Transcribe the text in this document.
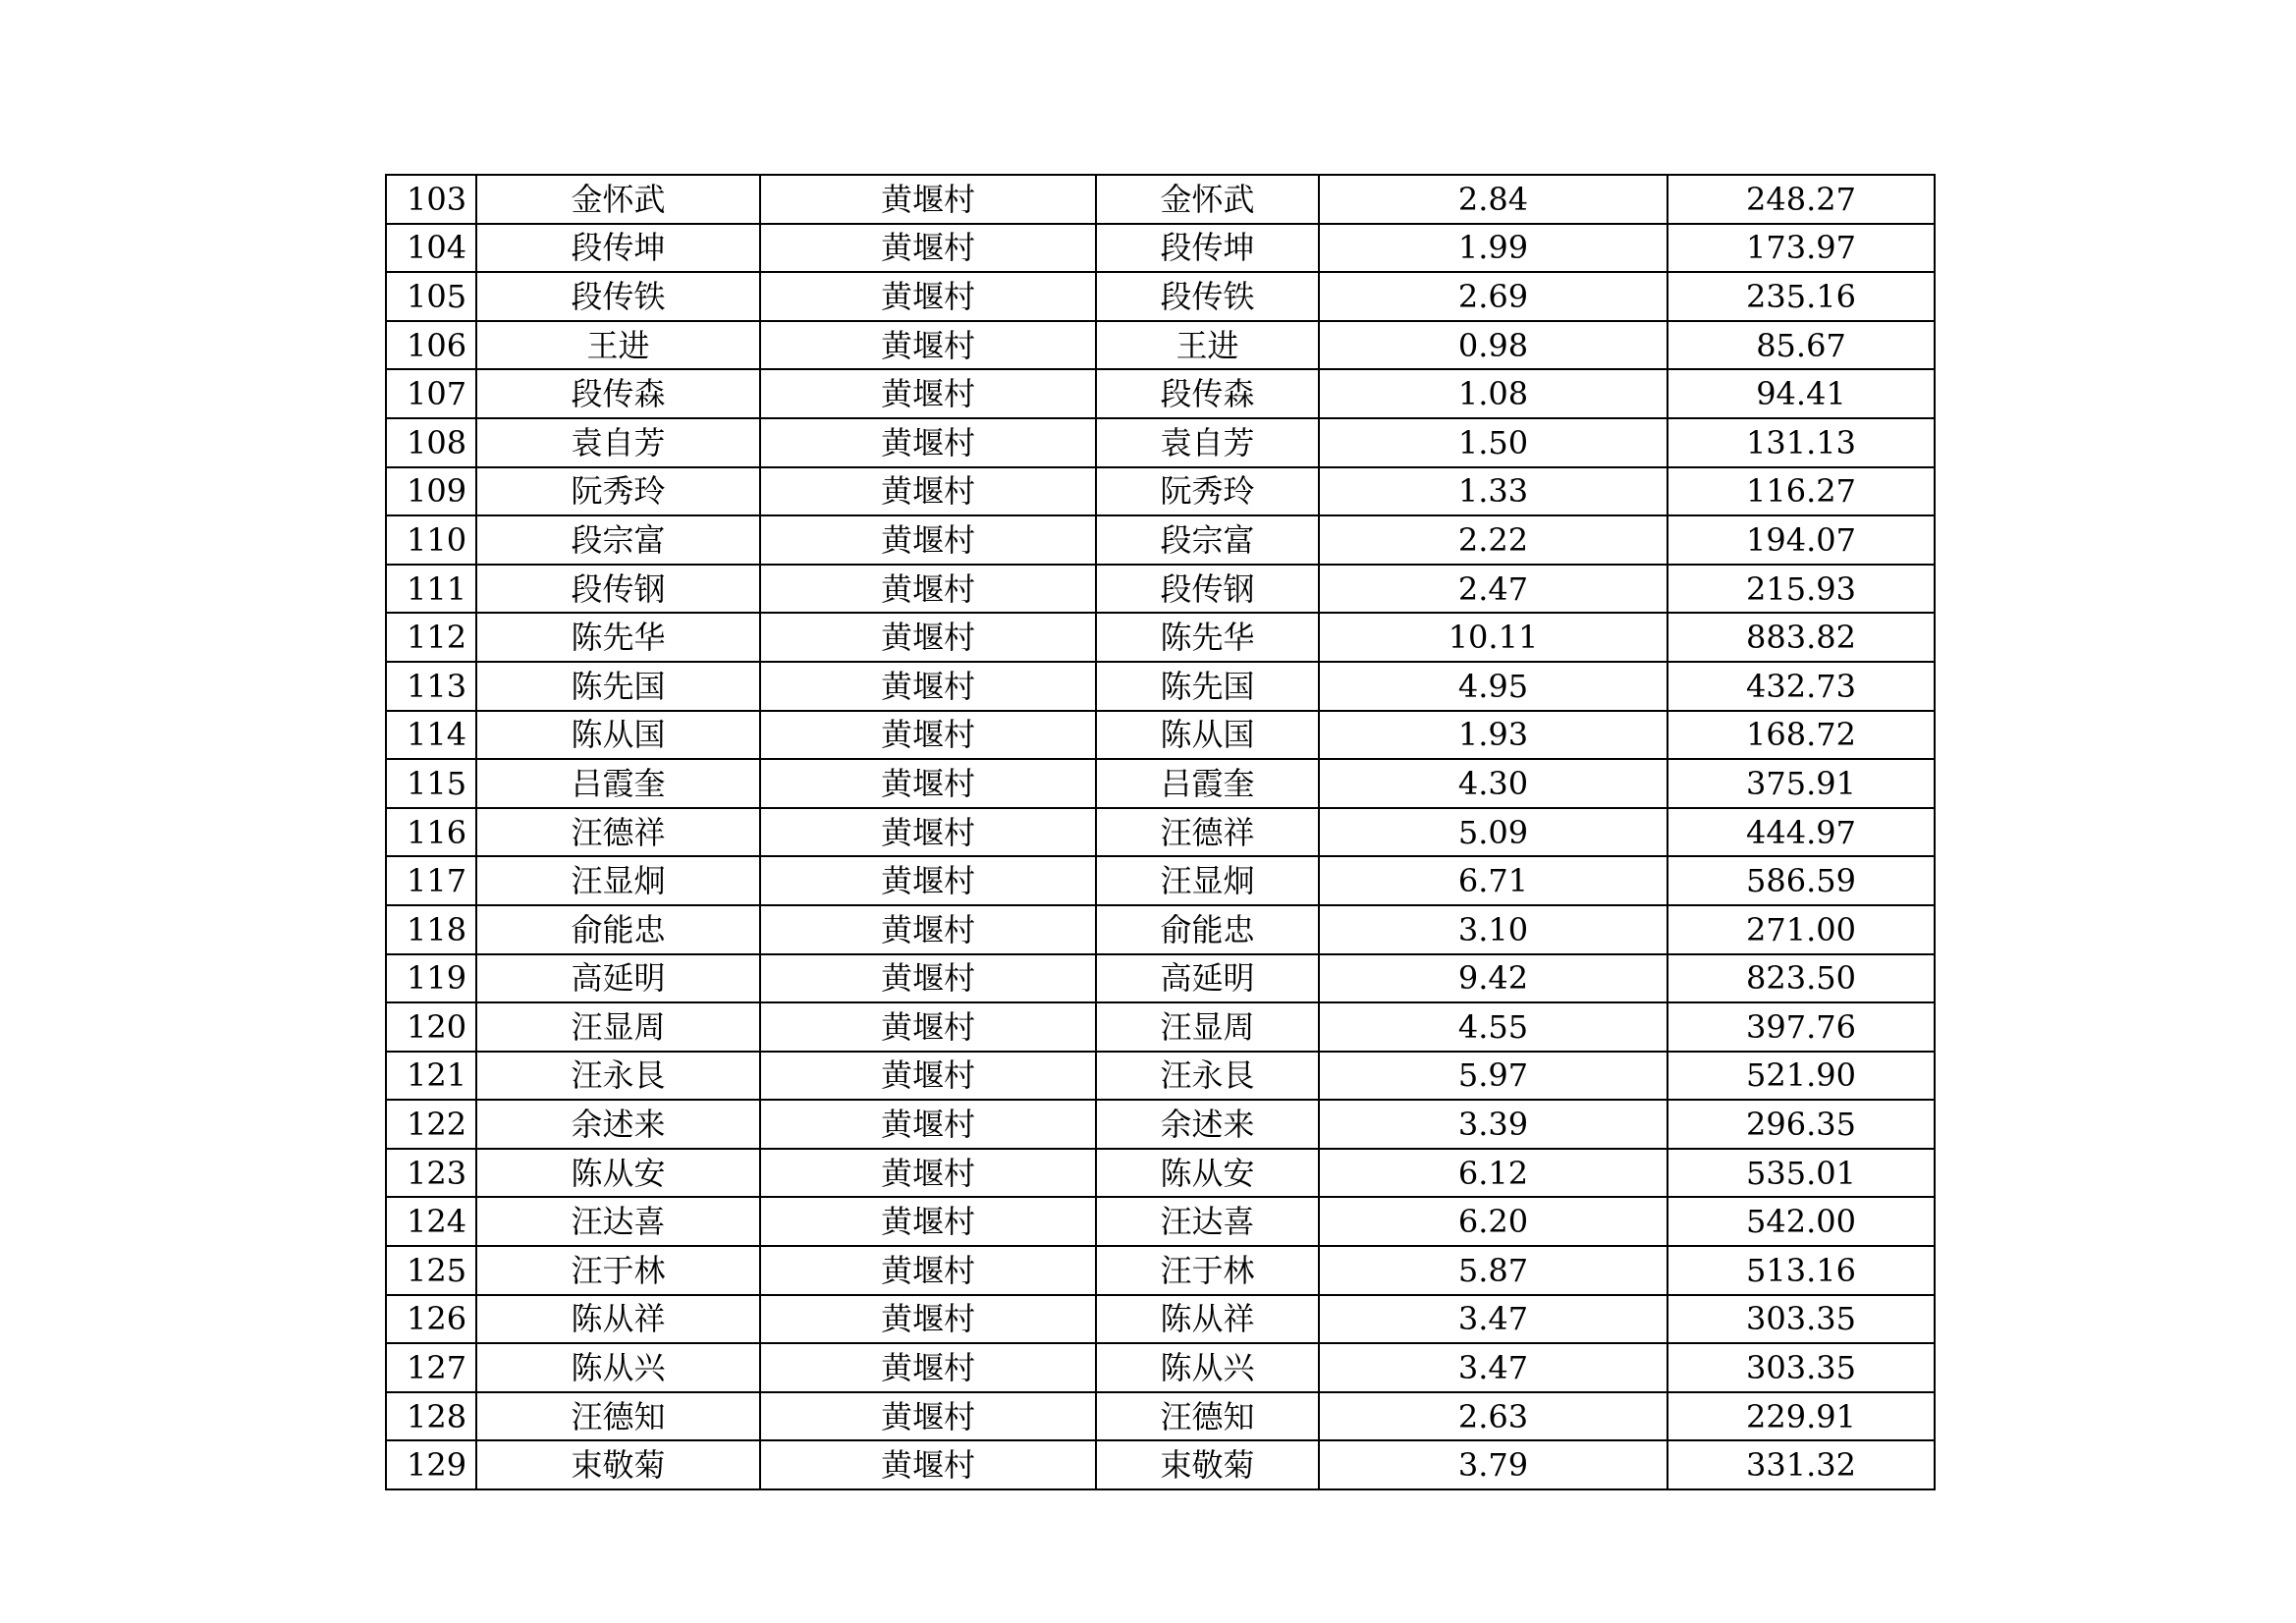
103	金怀武	黄堰村	金怀武	2.84	248.27
104	段传坤	黄堰村	段传坤	1.99	173.97
105	段传铁	黄堰村	段传铁	2.69	235.16
106	王进	黄堰村	王进	0.98	85.67
107	段传森	黄堰村	段传森	1.08	94.41
108	袁自芳	黄堰村	袁自芳	1.50	131.13
109	阮秀玲	黄堰村	阮秀玲	1.33	116.27
110	段宗富	黄堰村	段宗富	2.22	194.07
111	段传钢	黄堰村	段传钢	2.47	215.93
112	陈先华	黄堰村	陈先华	10.11	883.82
113	陈先国	黄堰村	陈先国	4.95	432.73
114	陈从国	黄堰村	陈从国	1.93	168.72
115	吕霞奎	黄堰村	吕霞奎	4.30	375.91
116	汪德祥	黄堰村	汪德祥	5.09	444.97
117	汪显炯	黄堰村	汪显炯	6.71	586.59
118	俞能忠	黄堰村	俞能忠	3.10	271.00
119	高延明	黄堰村	高延明	9.42	823.50
120	汪显周	黄堰村	汪显周	4.55	397.76
121	汪永艮	黄堰村	汪永艮	5.97	521.90
122	余述来	黄堰村	余述来	3.39	296.35
123	陈从安	黄堰村	陈从安	6.12	535.01
124	汪达喜	黄堰村	汪达喜	6.20	542.00
125	汪于林	黄堰村	汪于林	5.87	513.16
126	陈从祥	黄堰村	陈从祥	3.47	303.35
127	陈从兴	黄堰村	陈从兴	3.47	303.35
128	汪德知	黄堰村	汪德知	2.63	229.91
129	束敬菊	黄堰村	束敬菊	3.79	331.32
